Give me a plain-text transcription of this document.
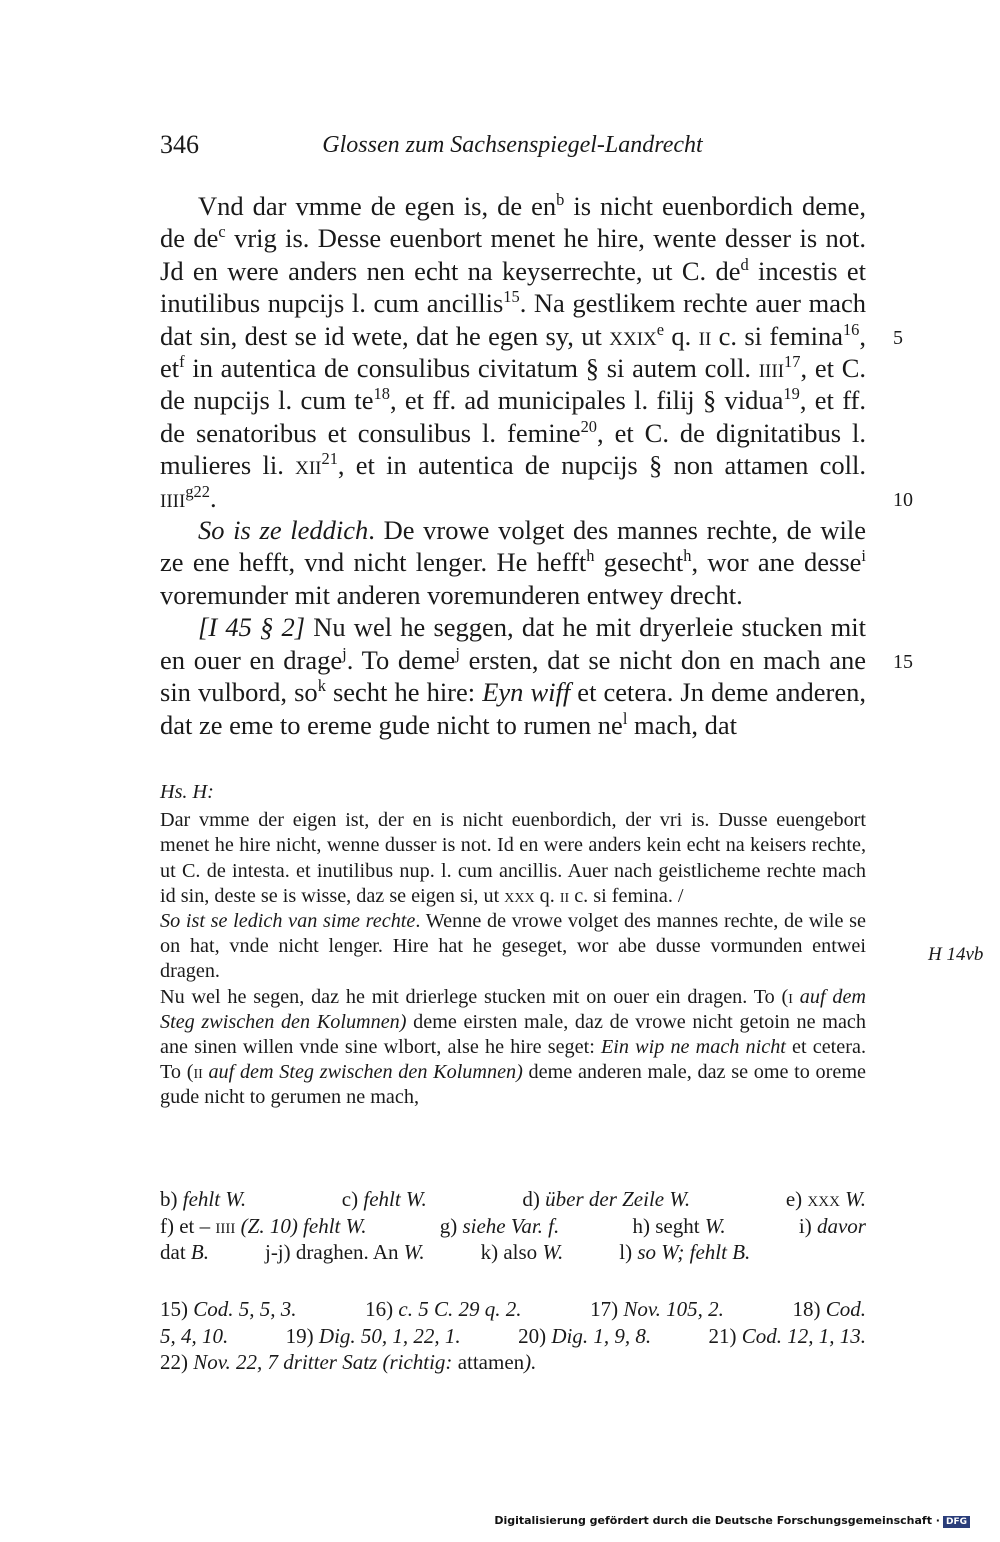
346	Glossen zum Sachsenspiegel-Landrecht

Vnd dar vmme de egen is, de $en^b$ is nicht euenbordich deme, de $de^c$ vrig is. Desse euenbort menet he hire, wente desser is not. Jd en were anders nen echt na keyserrechte, ut C. $de^d$ incestis et inutilibus nupcijs l. cum ancillis$^{15}$. Na gestlikem rechte auer mach dat sin, dest se id wete, dat he egen sy, ut xxix$^e$ q. ii c. si femina$^{16}$, $et^f$ in autentica de consulibus civitatum § si autem coll. iiii$^{17}$, et C. de nupcijs l. cum $te^{18}$, et ff. ad municipales l. filij § vidua$^{19}$, et ff. de senatoribus et consulibus l. femine$^{20}$, et C. de dignitatibus l. mulieres li. xii$^{21}$, et in autentica de nupcijs § non attamen coll. iiii$^{g22}$.

So is ze leddich. De vrowe volget des mannes rechte, de wile ze ene hefft, vnd nicht lenger. He hefft$^h$ gesecht$^h$, wor ane desse$^i$ voremunder mit anderen voremunderen entwey drecht.

[I 45 § 2] Nu wel he seggen, dat he mit dryerleie stucken mit en ouer en drage$^j$. To deme$^j$ ersten, dat se nicht don en mach ane sin vulbord, $so^k$ secht he hire: Eyn wiff et cetera. Jn deme anderen, dat ze eme to ereme gude nicht to rumen $ne^l$ mach, dat

5
10
15
Hs. H:

Dar vmme der eigen ist, der en is nicht euenbordich, der vri is. Dusse euengebort menet he hire nicht, wenne dusser is not. Id en were anders kein echt na keisers rechte, ut C. de intesta. et inutilibus nup. l. cum ancillis. Auer nach geistlicheme rechte mach id sin, deste se is wisse, daz se eigen si, ut xxx q. ii c. si femina. /

So ist se ledich van sime rechte. Wenne de vrowe volget des mannes rechte, de wile se on hat, vnde nicht lenger. Hire hat he geseget, wor abe dusse vormunden entwei dragen.

Nu wel he segen, daz he mit drierlege stucken mit on ouer ein dragen. To (i auf dem Steg zwischen den Kolumnen) deme eirsten male, daz de vrowe nicht getoin ne mach ane sinen willen vnde sine wlbort, alse he hire seget: Ein wip ne mach nicht et cetera. To (ii auf dem Steg zwischen den Kolumnen) deme anderen male, daz se ome to oreme gude nicht to gerumen ne mach,

H 14vb
b) fehlt W.	c) fehlt W.	d) über der Zeile W.	e) xxx W.
f) et – iiii (Z. 10) fehlt W.	g) siehe Var. f.	h) seght W.	i) davor
dat B.	j-j) draghen. An W.	k) also W.	l) so W; fehlt B.
15) Cod. 5, 5, 3.	16) c. 5 C. 29 q. 2.	17) Nov. 105, 2.	18) Cod.
5, 4, 10.	19) Dig. 50, 1, 22, 1.	20) Dig. 1, 9, 8.	21) Cod. 12, 1, 13.
22) Nov. 22, 7 dritter Satz (richtig: attamen).
Digitalisierung gefördert durch die Deutsche Forschungsgemeinschaft · DFG
